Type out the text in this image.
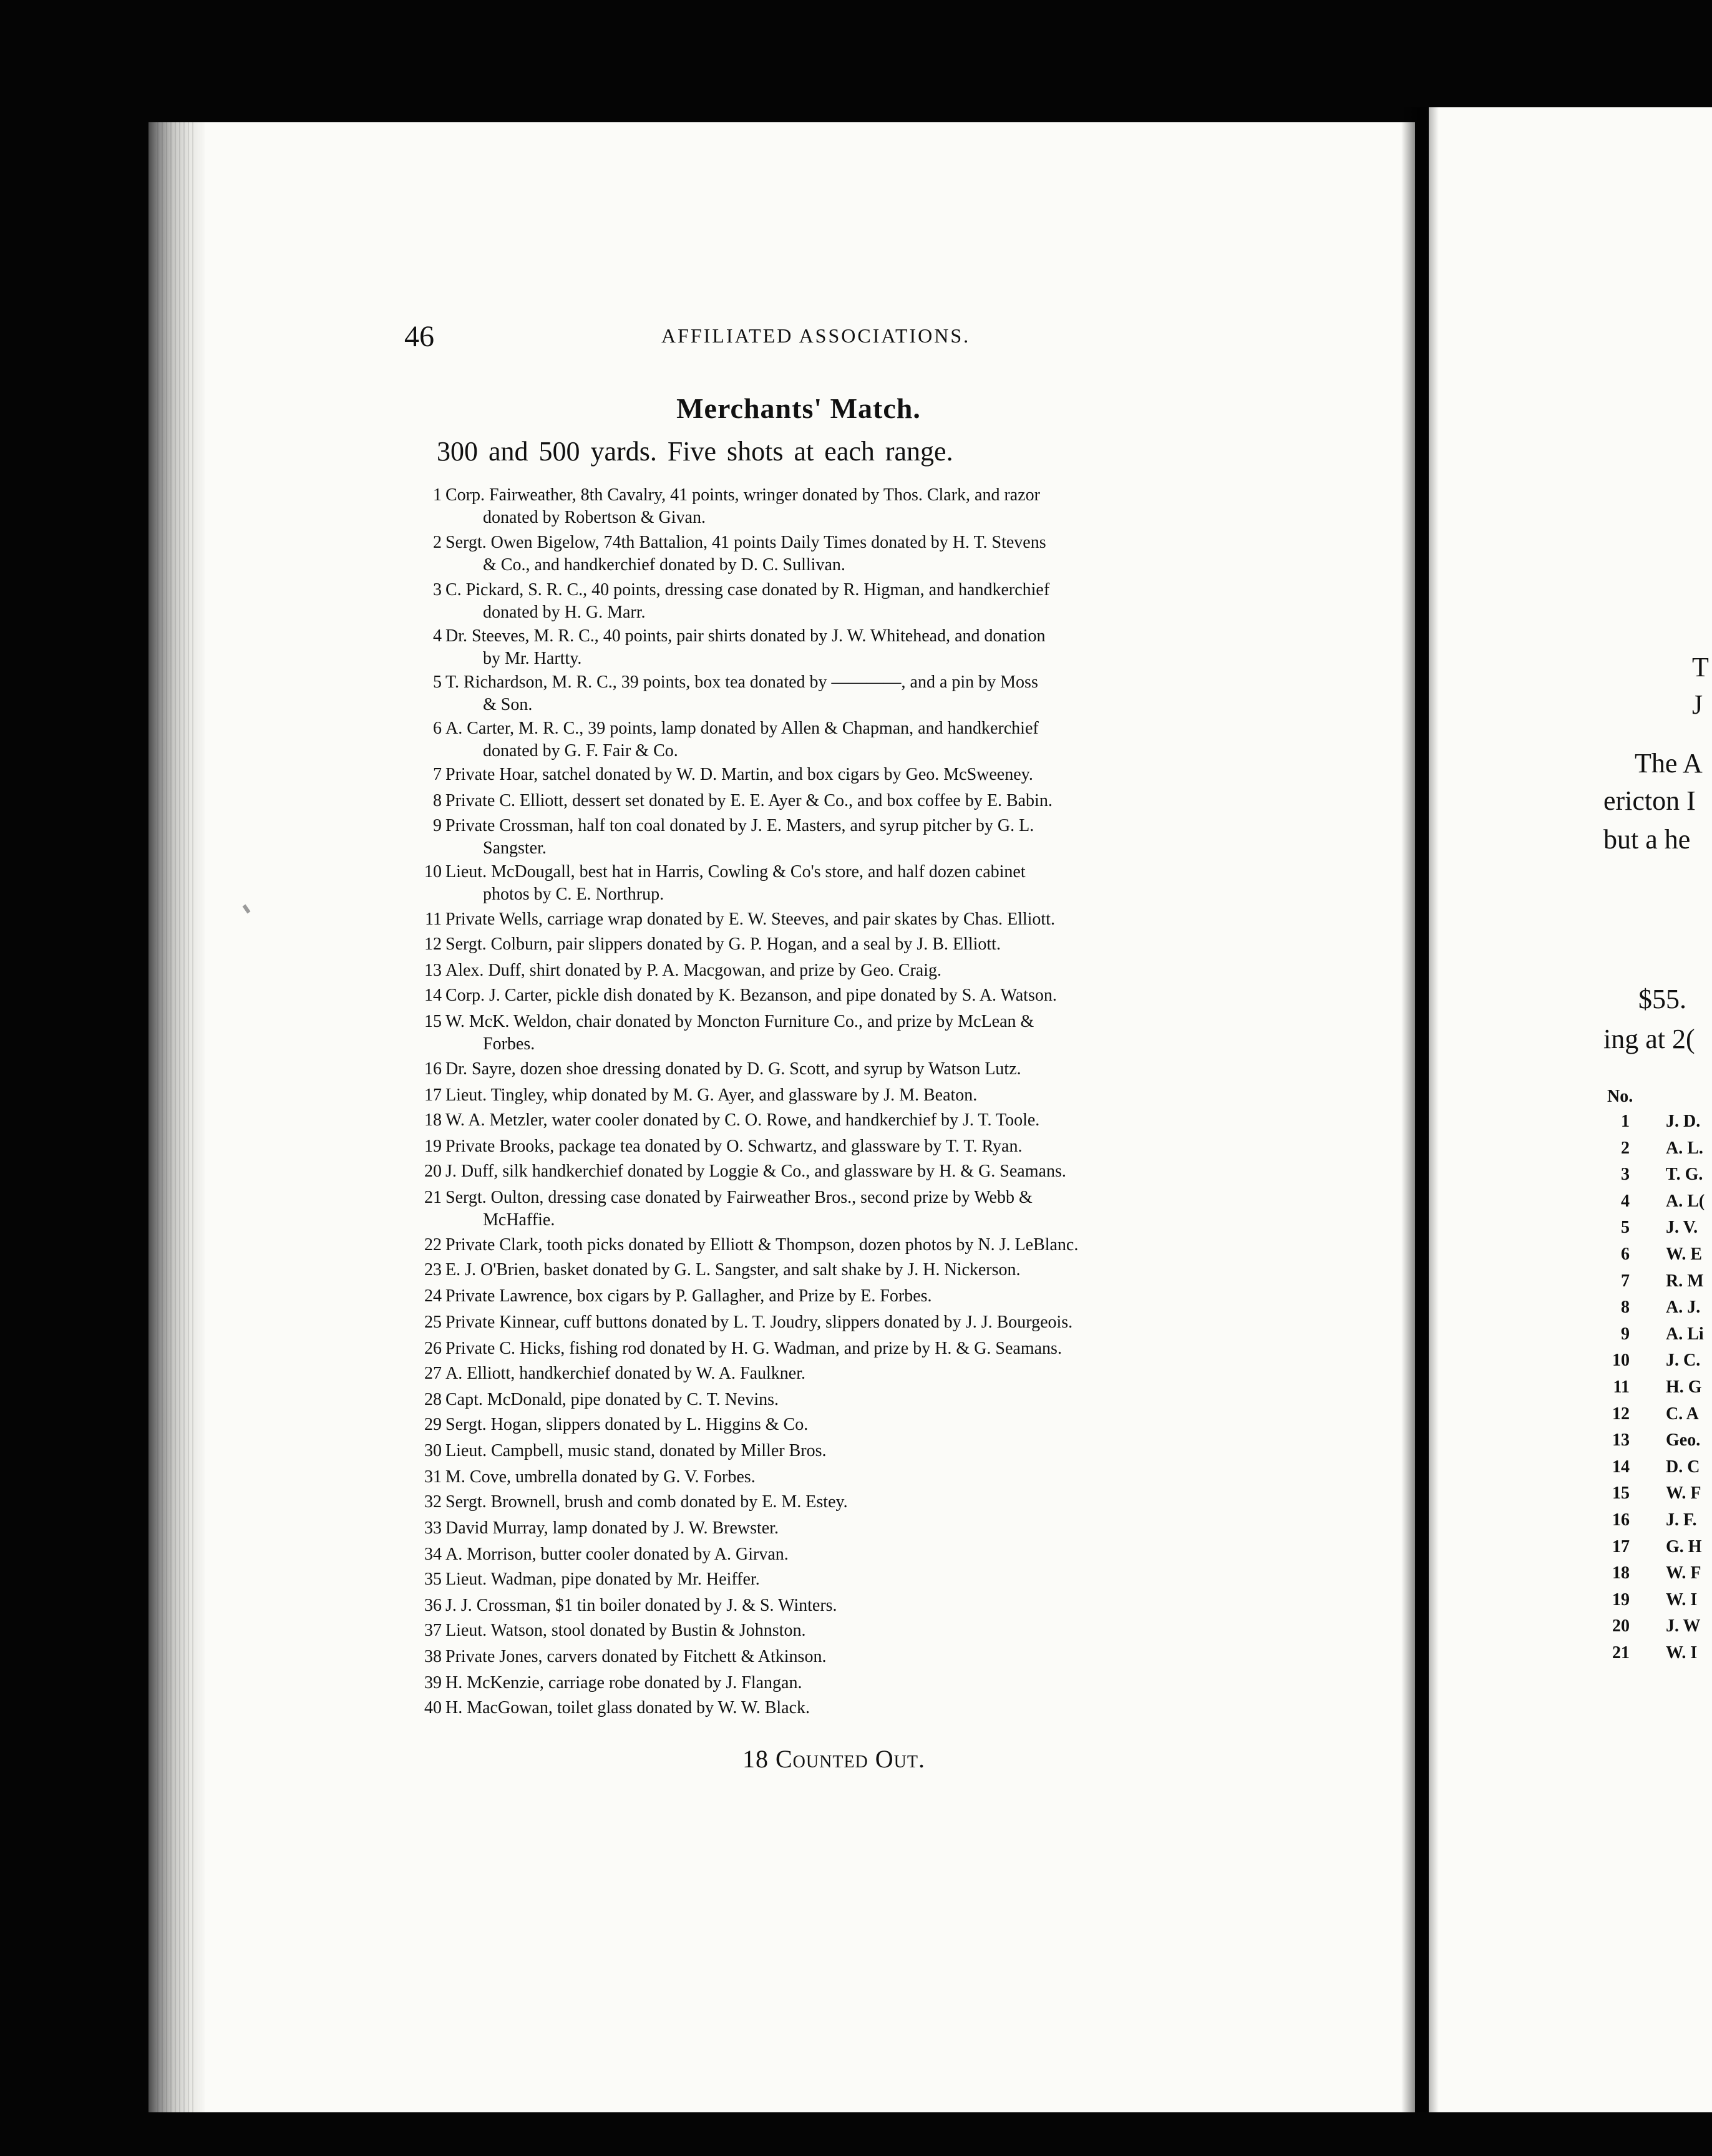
46	AFFILIATED ASSOCIATIONS.
Merchants' Match.
300 and 500 yards. Five shots at each range.
1 Corp. Fairweather, 8th Cavalry, 41 points, wringer donated by Thos. Clark, and razor
donated by Robertson & Givan.
2 Sergt. Owen Bigelow, 74th Battalion, 41 points Daily Times donated by H. T. Stevens
& Co., and handkerchief donated by D. C. Sullivan.
3 C. Pickard, S. R. C., 40 points, dressing case donated by R. Higman, and handkerchief
donated by H. G. Marr.
4 Dr. Steeves, M. R. C., 40 points, pair shirts donated by J. W. Whitehead, and donation
by Mr. Hartty.
5 T. Richardson, M. R. C., 39 points, box tea donated by ————, and a pin by Moss
& Son.
6 A. Carter, M. R. C., 39 points, lamp donated by Allen & Chapman, and handkerchief
donated by G. F. Fair & Co.
7 Private Hoar, satchel donated by W. D. Martin, and box cigars by Geo. McSweeney.
8 Private C. Elliott, dessert set donated by E. E. Ayer & Co., and box coffee by E. Babin.
9 Private Crossman, half ton coal donated by J. E. Masters, and syrup pitcher by G. L.
Sangster.
10 Lieut. McDougall, best hat in Harris, Cowling & Co's store, and half dozen cabinet
photos by C. E. Northrup.
11 Private Wells, carriage wrap donated by E. W. Steeves, and pair skates by Chas. Elliott.
12 Sergt. Colburn, pair slippers donated by G. P. Hogan, and a seal by J. B. Elliott.
13 Alex. Duff, shirt donated by P. A. Macgowan, and prize by Geo. Craig.
14 Corp. J. Carter, pickle dish donated by K. Bezanson, and pipe donated by S. A. Watson.
15 W. McK. Weldon, chair donated by Moncton Furniture Co., and prize by McLean &
Forbes.
16 Dr. Sayre, dozen shoe dressing donated by D. G. Scott, and syrup by Watson Lutz.
17 Lieut. Tingley, whip donated by M. G. Ayer, and glassware by J. M. Beaton.
18 W. A. Metzler, water cooler donated by C. O. Rowe, and handkerchief by J. T. Toole.
19 Private Brooks, package tea donated by O. Schwartz, and glassware by T. T. Ryan.
20 J. Duff, silk handkerchief donated by Loggie & Co., and glassware by H. & G. Seamans.
21 Sergt. Oulton, dressing case donated by Fairweather Bros., second prize by Webb &
McHaffie.
22 Private Clark, tooth picks donated by Elliott & Thompson, dozen photos by N. J. LeBlanc.
23 E. J. O'Brien, basket donated by G. L. Sangster, and salt shake by J. H. Nickerson.
24 Private Lawrence, box cigars by P. Gallagher, and Prize by E. Forbes.
25 Private Kinnear, cuff buttons donated by L. T. Joudry, slippers donated by J. J. Bourgeois.
26 Private C. Hicks, fishing rod donated by H. G. Wadman, and prize by H. & G. Seamans.
27 A. Elliott, handkerchief donated by W. A. Faulkner.
28 Capt. McDonald, pipe donated by C. T. Nevins.
29 Sergt. Hogan, slippers donated by L. Higgins & Co.
30 Lieut. Campbell, music stand, donated by Miller Bros.
31 M. Cove, umbrella donated by G. V. Forbes.
32 Sergt. Brownell, brush and comb donated by E. M. Estey.
33 David Murray, lamp donated by J. W. Brewster.
34 A. Morrison, butter cooler donated by A. Girvan.
35 Lieut. Wadman, pipe donated by Mr. Heiffer.
36 J. J. Crossman, $1 tin boiler donated by J. & S. Winters.
37 Lieut. Watson, stool donated by Bustin & Johnston.
38 Private Jones, carvers donated by Fitchett & Atkinson.
39 H. McKenzie, carriage robe donated by J. Flangan.
40 H. MacGowan, toilet glass donated by W. W. Black.
18 Counted Out.
T
J
The A
ericton I
but a he
$55.
ing at 2(
No.
1 J. D.
2 A. L.
3 T. G.
4 A. L(
5 J. V.
6 W. E
7 R. M
8 A. J.
9 A. Li
10 J. C.
11 H. G
12 C. A
13 Geo.
14 D. C
15 W. F
16 J. F.
17 G. H
18 W. F
19 W. I
20 J. W
21 W. I
